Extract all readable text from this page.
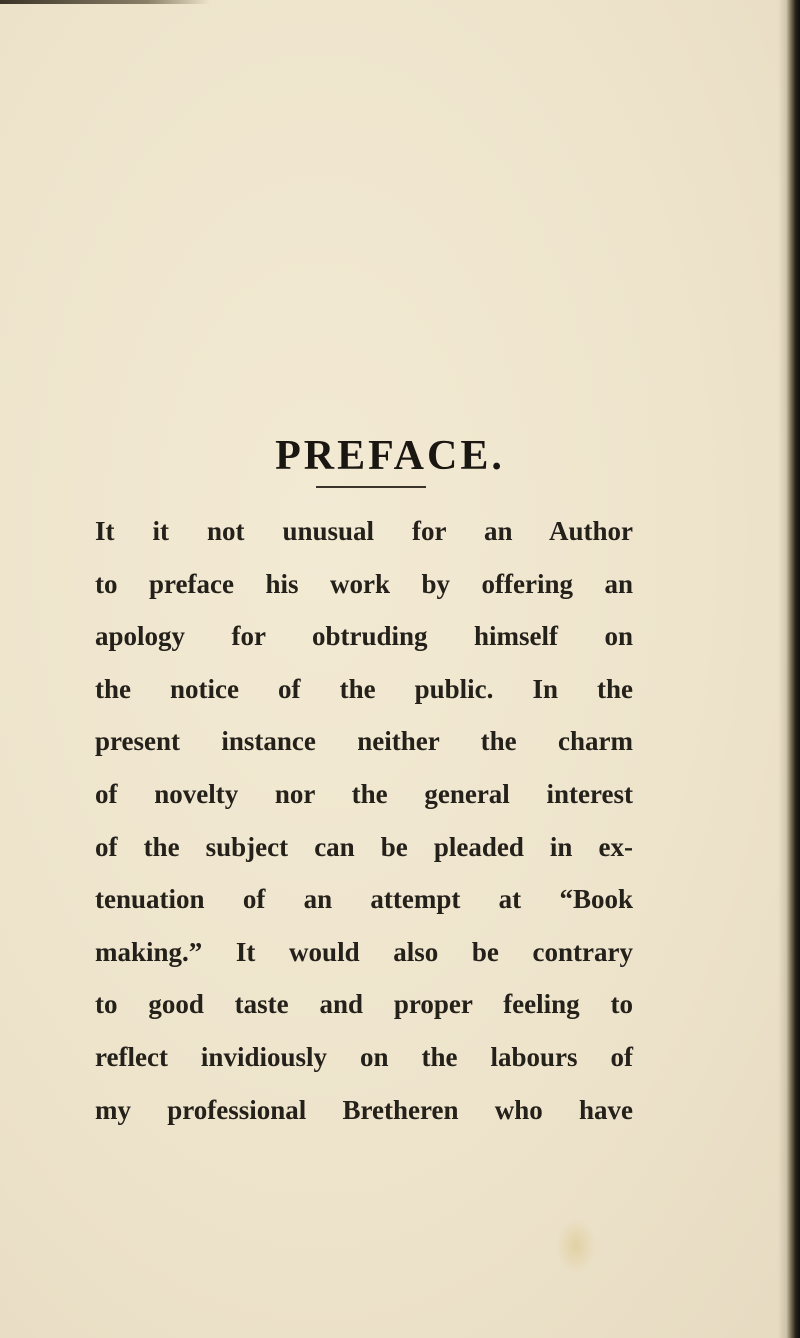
PREFACE.
It it not unusual for an Author
to preface his work by offering an
apology for obtruding himself on
the notice of the public. In the
present instance neither the charm
of novelty nor the general interest
of the subject can be pleaded in ex-
tenuation of an attempt at “Book
making.” It would also be contrary
to good taste and proper feeling to
reflect invidiously on the labours of
my professional Bretheren who have
